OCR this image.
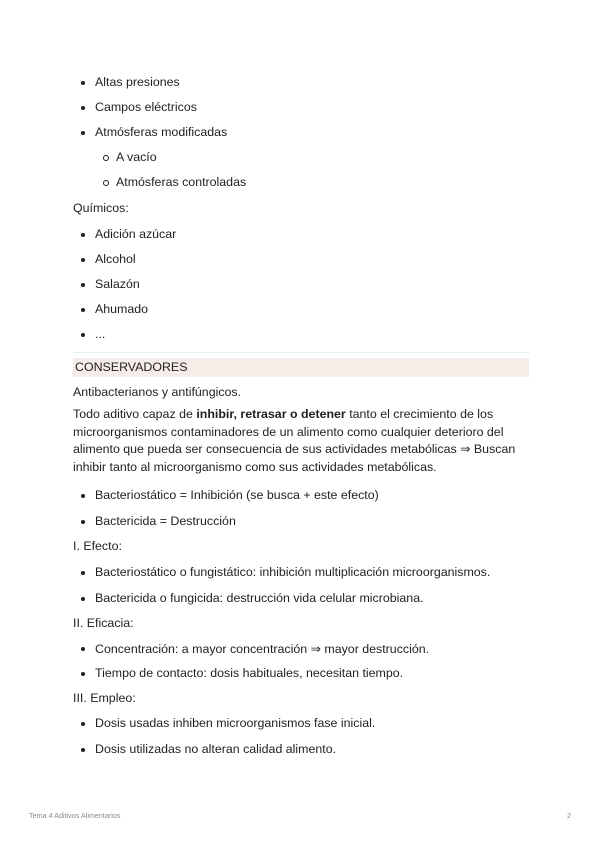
Altas presiones
Campos eléctricos
Atmósferas modificadas
A vacío
Atmósferas controladas
Químicos:
Adición azúcar
Alcohol
Salazón
Ahumado
...
CONSERVADORES
Antibacterianos y antifúngicos.
Todo aditivo capaz de inhibir, retrasar o detener tanto el crecimiento de los microorganismos contaminadores de un alimento como cualquier deterioro del alimento que pueda ser consecuencia de sus actividades metabólicas ⇒ Buscan inhibir tanto al microorganismo como sus actividades metabólicas.
Bacteriostático = Inhibición (se busca + este efecto)
Bactericida = Destrucción
I. Efecto:
Bacteriostático o fungistático: inhibición multiplicación microorganismos.
Bactericida o fungicida: destrucción vida celular microbiana.
II. Eficacia:
Concentración: a mayor concentración ⇒ mayor destrucción.
Tiempo de contacto: dosis habituales, necesitan tiempo.
III. Empleo:
Dosis usadas inhiben microorganismos fase inicial.
Dosis utilizadas no alteran calidad alimento.
Tema 4 Aditivos Alimentarios	2
